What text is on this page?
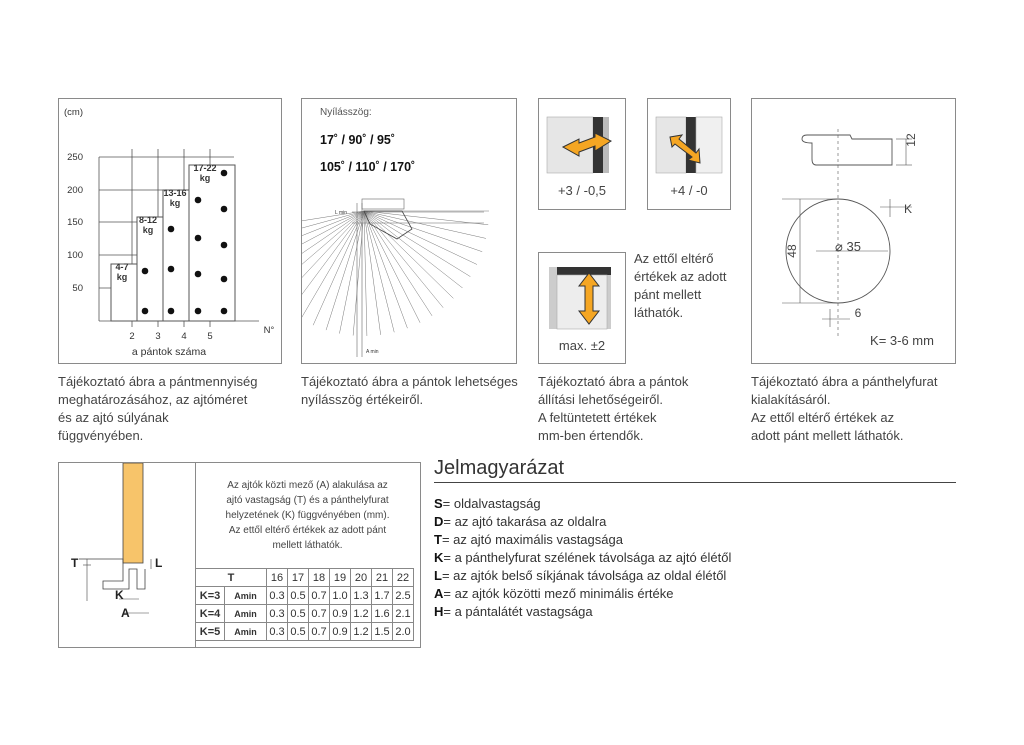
4-7
kg
8-12
kg
13-16
kg
17-22
kg
(cm)
250
200
150
100
50
2 3 4 5
N°
a pántok száma
Tájékoztató ábra a pántmennyiség
meghatározásához, az ajtóméret
és az ajtó súlyának
függvényében.
Nyílásszög:
17˚ / 90˚ / 95˚
105˚ / 110˚ / 170˚
L min
A min
Tájékoztató ábra a pántok lehetséges
nyílásszög értékeiről.
+3 / -0,5	+4 / -0
max. ±2
Az ettől eltérő
értékek az adott
pánt mellett
láthatók.
Tájékoztató ábra a pántok
állítási lehetőségeiről.
A feltüntetett értékek
mm-ben értendők.
12
K
48	⌀ 35
6
K= 3-6 mm
Tájékoztató ábra a pánthelyfurat
kialakításáról.
Az ettől eltérő értékek az
adott pánt mellett láthatók.
T	L
K
A
Az ajtók közti mező (A) alakulása az
ajtó vastagság (T) és a pánthelyfurat
helyzetének (K) függvényében (mm).
Az ettől eltérő értékek az adott pánt
mellett láthatók.
T		16	17	18	19	20	21	22
K=3	Amin	0.3	0.5	0.7	1.0	1.3	1.7	2.5
K=4	Amin	0.3	0.5	0.7	0.9	1.2	1.6	2.1
K=5	Amin	0.3	0.5	0.7	0.9	1.2	1.5	2.0
Jelmagyarázat
S= oldalvastagság
D= az ajtó takarása az oldalra
T= az ajtó maximális vastagsága
K= a pánthelyfurat szélének távolsága az ajtó élétől
L= az ajtók belső síkjának távolsága az oldal élétől
A= az ajtók közötti mező minimális értéke
H= a pántalátét vastagsága
